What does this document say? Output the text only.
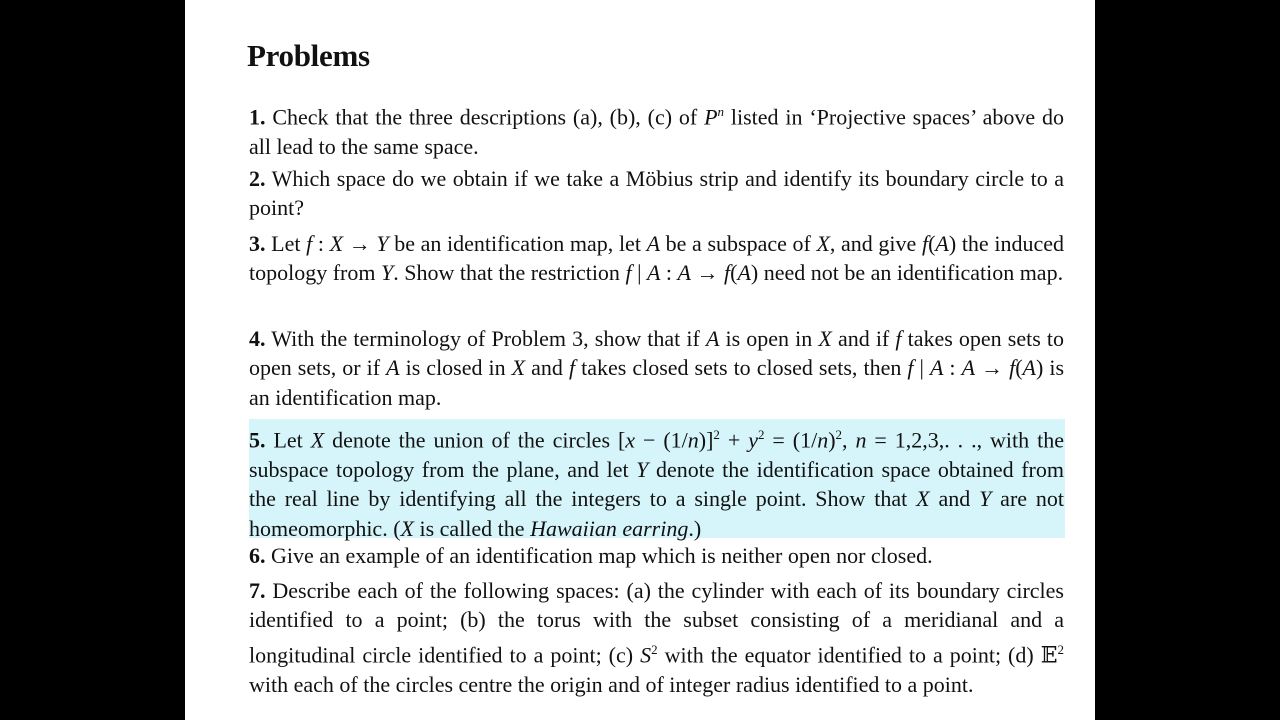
Problems
1. Check that the three descriptions (a), (b), (c) of $P^n$ listed in ‘Projective spaces’ above do all lead to the same space.
2. Which space do we obtain if we take a Möbius strip and identify its boundary circle to a point?
3. Let f : X → Y be an identification map, let A be a subspace of X, and give f(A) the induced topology from Y. Show that the restriction f | A : A → f(A) need not be an identification map.
4. With the terminology of Problem 3, show that if A is open in X and if f takes open sets to open sets, or if A is closed in X and f takes closed sets to closed sets, then f | A : A → f(A) is an identification map.
5. Let X denote the union of the circles $[x - (1/n)]^2 + y^2 = (1/n)^2$, n = 1,2,3,. . ., with the subspace topology from the plane, and let Y denote the identification space obtained from the real line by identifying all the integers to a single point. Show that X and Y are not homeomorphic. (X is called the Hawaiian earring.)
6. Give an example of an identification map which is neither open nor closed.
7. Describe each of the following spaces: (a) the cylinder with each of its boundary circles identified to a point; (b) the torus with the subset consisting of a meridianal and a longitudinal circle identified to a point; (c) $S^2$ with the equator identified to a point; (d) 𝔼$^2$ with each of the circles centre the origin and of integer radius identified to a point.
